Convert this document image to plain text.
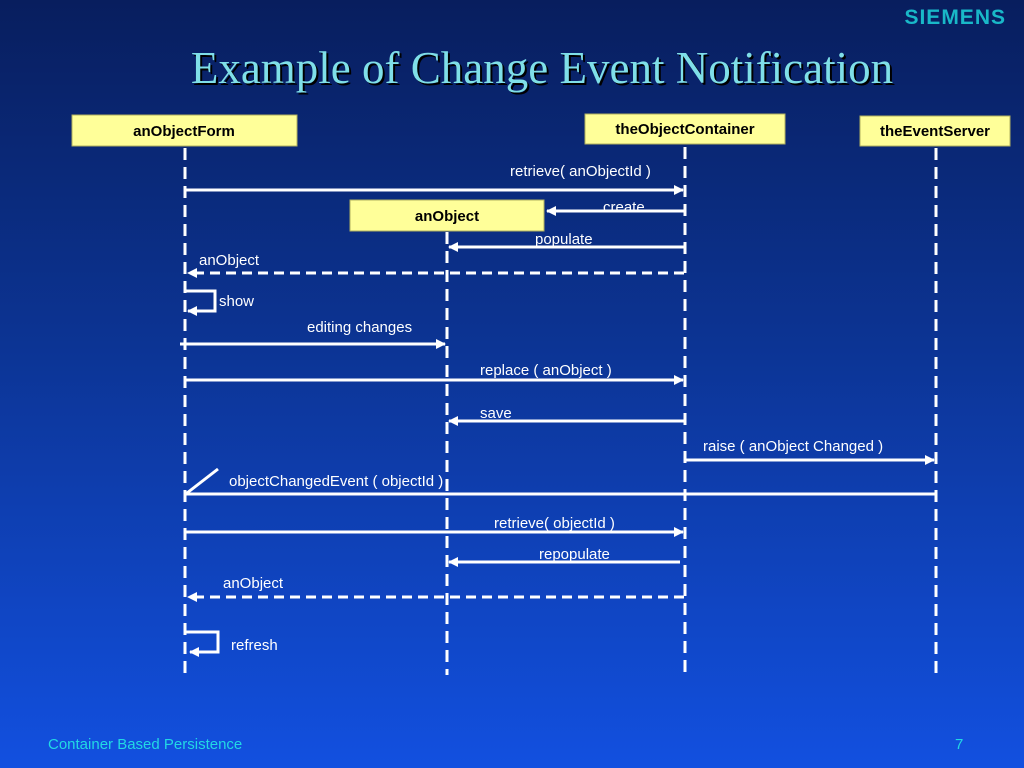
SIEMENS
Example of Change Event Notification
anObjectForm	theObjectContainer	theEventServer
anObject
retrieve( anObjectId )
create
populate
anObject
show
editing changes
replace ( anObject )
save
raise ( anObject Changed )
objectChangedEvent ( objectId )
retrieve( objectId )
repopulate
anObject
refresh
Container Based Persistence	7
